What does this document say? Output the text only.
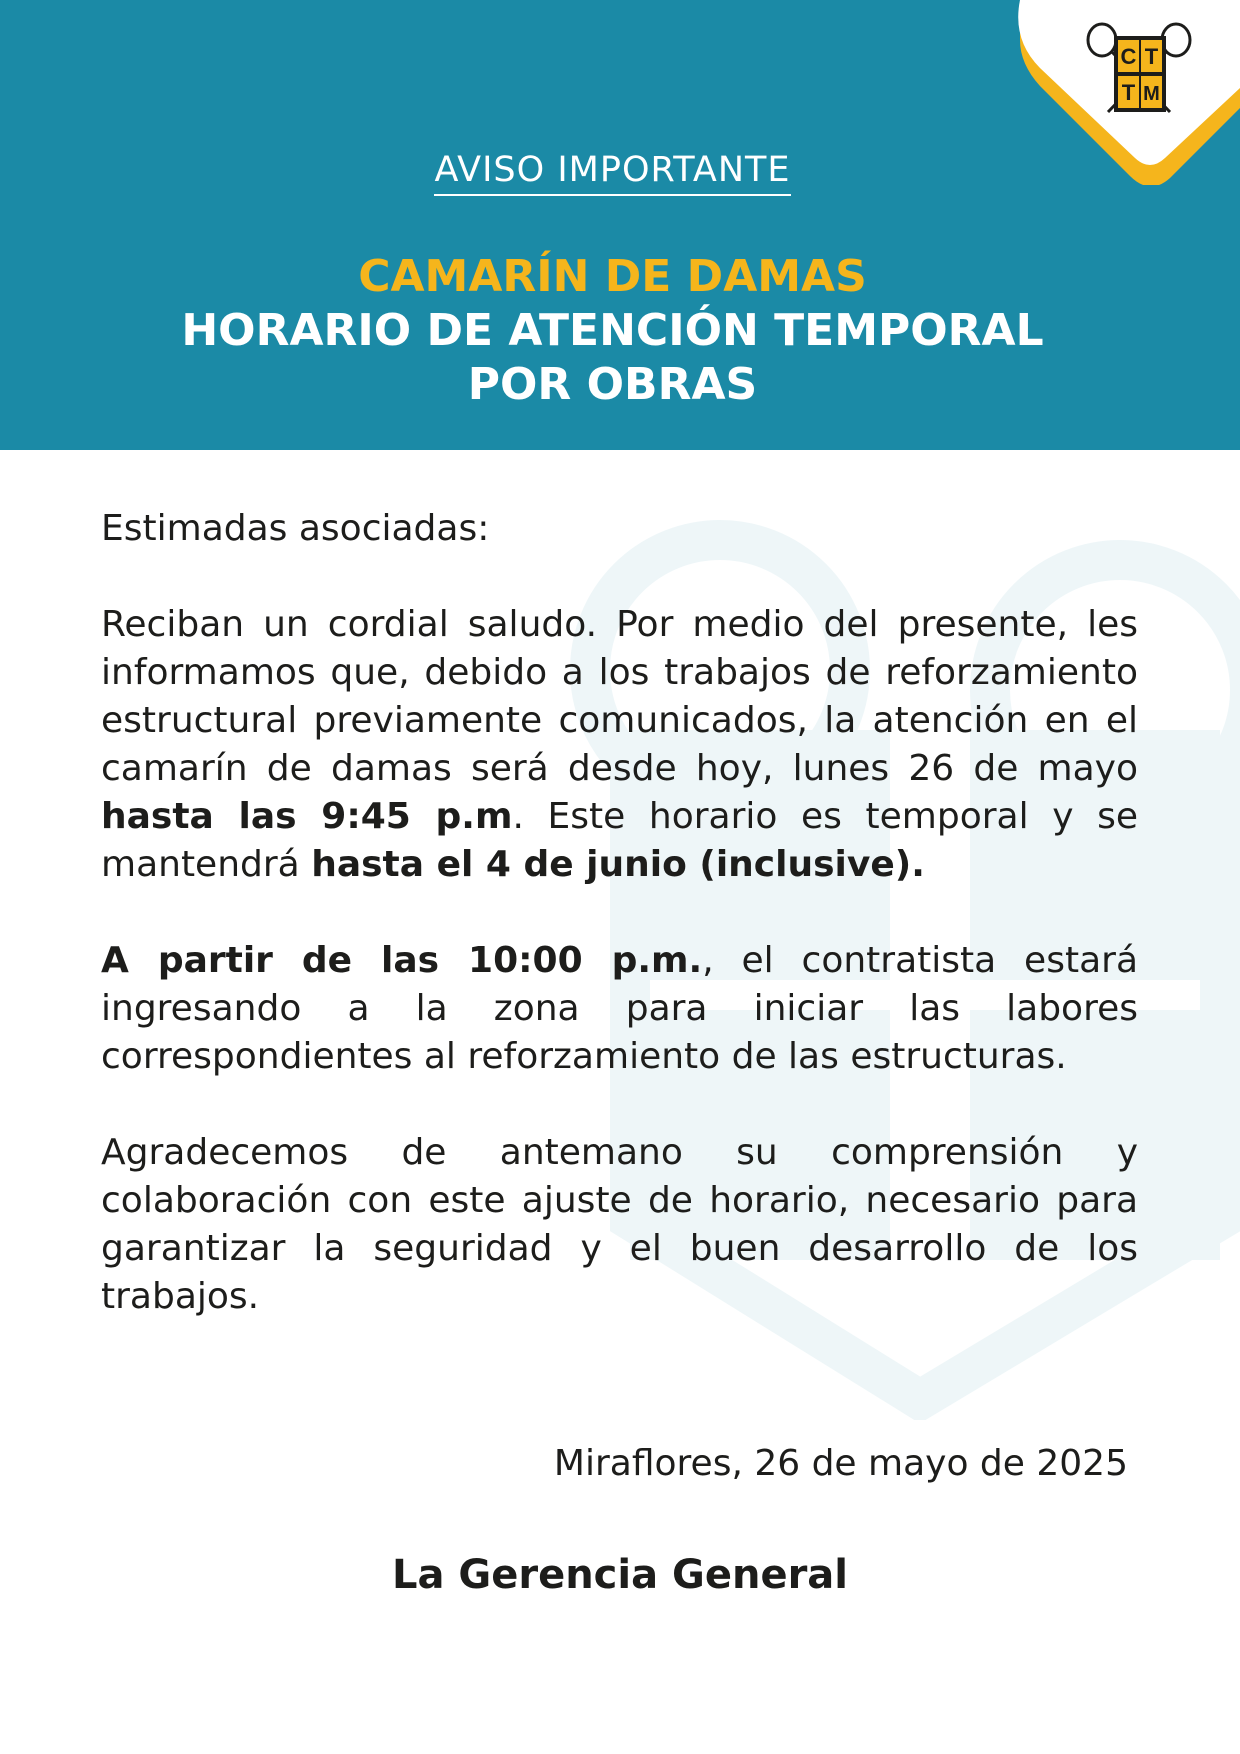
C T
T M
AVISO IMPORTANTE
CAMARÍN DE DAMAS
HORARIO DE ATENCIÓN TEMPORAL
POR OBRAS

Estimadas asociadas:

Reciban un cordial saludo. Por medio del presente, les informamos que, debido a los trabajos de reforzamiento estructural previamente comunicados, la atención en el camarín de damas será desde hoy, lunes 26 de mayo hasta las 9:45 p.m. Este horario es temporal y se mantendrá hasta el 4 de junio (inclusive).

A partir de las 10:00 p.m., el contratista estará ingresando a la zona para iniciar las labores correspondientes al reforzamiento de las estructuras.

Agradecemos de antemano su comprensión y colaboración con este ajuste de horario, necesario para garantizar la seguridad y el buen desarrollo de los trabajos.

Miraflores, 26 de mayo de 2025
La Gerencia General
